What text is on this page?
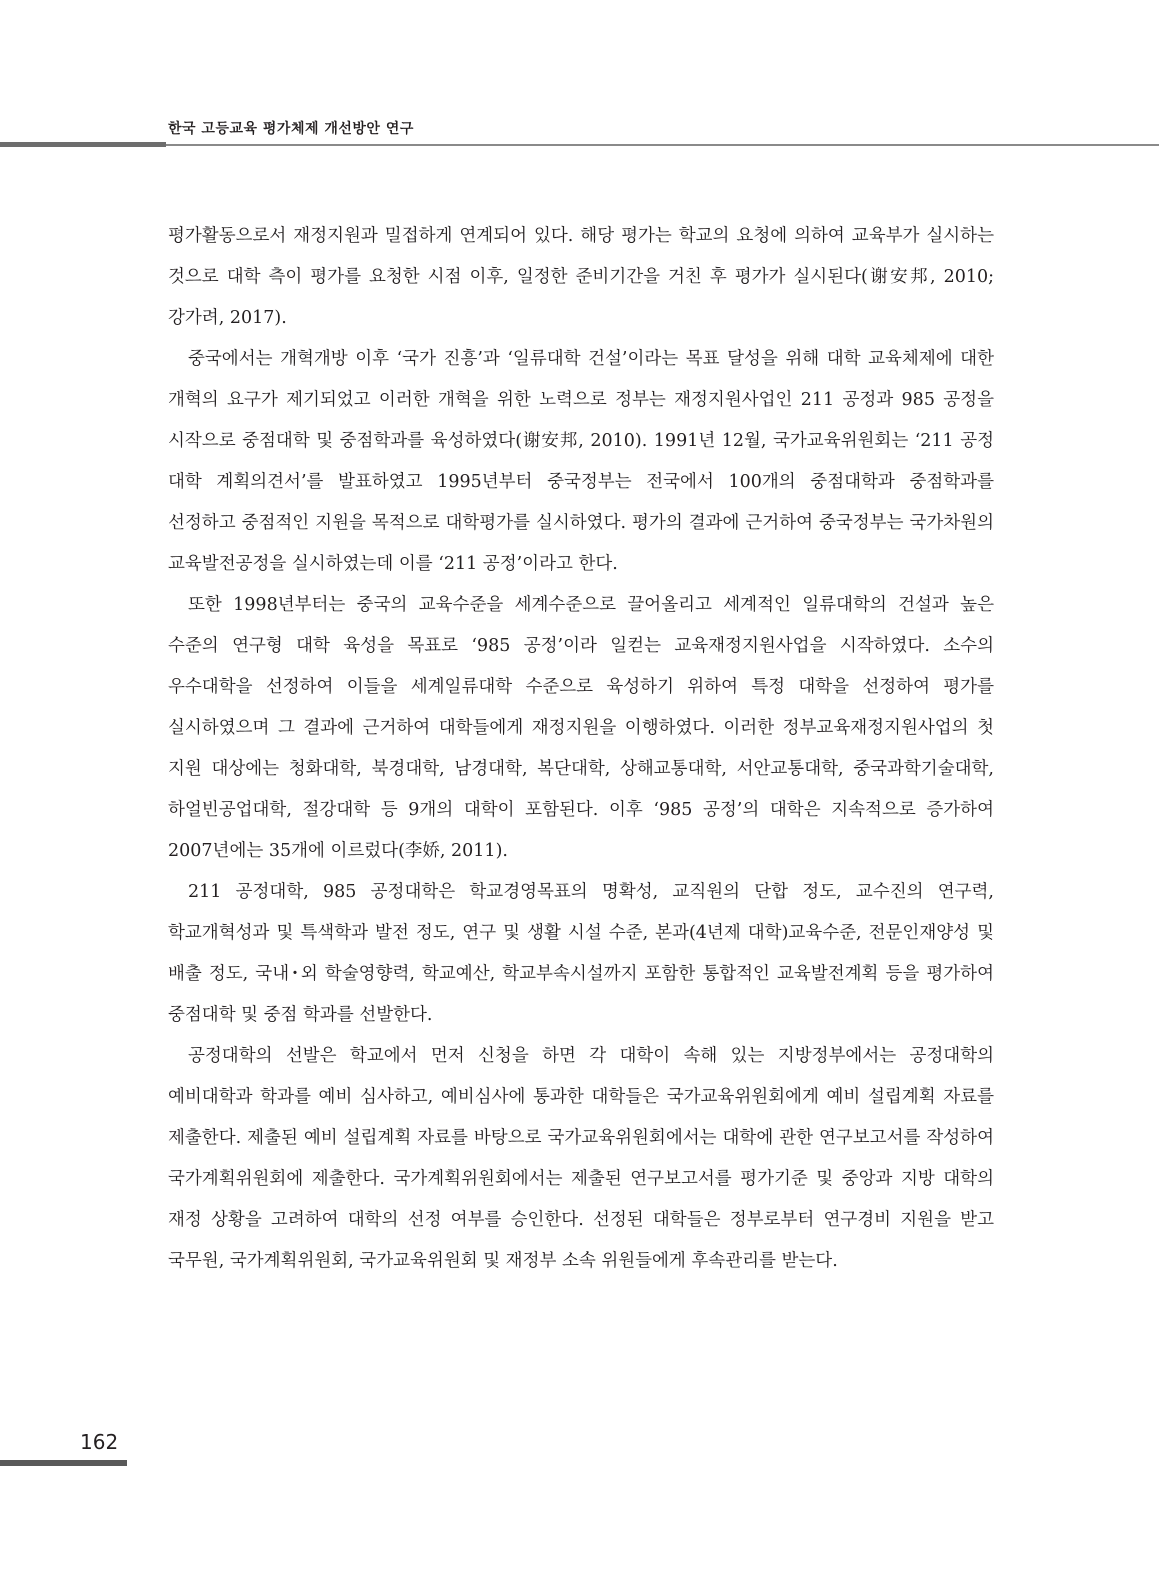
한국 고등교육 평가체제 개선방안 연구

평가활동으로서 재정지원과 밀접하게 연계되어 있다. 해당 평가는 학교의 요청에 의하여 교육부가 실시하는 것으로 대학 측이 평가를 요청한 시점 이후, 일정한 준비기간을 거친 후 평가가 실시된다(谢安邦, 2010; 강가려, 2017).

중국에서는 개혁개방 이후 ‘국가 진흥’과 ‘일류대학 건설’이라는 목표 달성을 위해 대학 교육체제에 대한 개혁의 요구가 제기되었고 이러한 개혁을 위한 노력으로 정부는 재정지원사업인 211 공정과 985 공정을 시작으로 중점대학 및 중점학과를 육성하였다(谢安邦, 2010). 1991년 12월, 국가교육위원회는 ‘211 공정 대학 계획의견서’를 발표하였고 1995년부터 중국정부는 전국에서 100개의 중점대학과 중점학과를 선정하고 중점적인 지원을 목적으로 대학평가를 실시하였다. 평가의 결과에 근거하여 중국정부는 국가차원의 교육발전공정을 실시하였는데 이를 ‘211 공정’이라고 한다.

또한 1998년부터는 중국의 교육수준을 세계수준으로 끌어올리고 세계적인 일류대학의 건설과 높은 수준의 연구형 대학 육성을 목표로 ‘985 공정’이라 일컫는 교육재정지원사업을 시작하였다. 소수의 우수대학을 선정하여 이들을 세계일류대학 수준으로 육성하기 위하여 특정 대학을 선정하여 평가를 실시하였으며 그 결과에 근거하여 대학들에게 재정지원을 이행하였다. 이러한 정부교육재정지원사업의 첫 지원 대상에는 청화대학, 북경대학, 남경대학, 복단대학, 상해교통대학, 서안교통대학, 중국과학기술대학, 하얼빈공업대학, 절강대학 등 9개의 대학이 포함된다. 이후 ‘985 공정’의 대학은 지속적으로 증가하여 2007년에는 35개에 이르렀다(李娇, 2011).

211 공정대학, 985 공정대학은 학교경영목표의 명확성, 교직원의 단합 정도, 교수진의 연구력, 학교개혁성과 및 특색학과 발전 정도, 연구 및 생활 시설 수준, 본과(4년제 대학)교육수준, 전문인재양성 및 배출 정도, 국내･외 학술영향력, 학교예산, 학교부속시설까지 포함한 통합적인 교육발전계획 등을 평가하여 중점대학 및 중점 학과를 선발한다.

공정대학의 선발은 학교에서 먼저 신청을 하면 각 대학이 속해 있는 지방정부에서는 공정대학의 예비대학과 학과를 예비 심사하고, 예비심사에 통과한 대학들은 국가교육위원회에게 예비 설립계획 자료를 제출한다. 제출된 예비 설립계획 자료를 바탕으로 국가교육위원회에서는 대학에 관한 연구보고서를 작성하여 국가계획위원회에 제출한다. 국가계획위원회에서는 제출된 연구보고서를 평가기준 및 중앙과 지방 대학의 재정 상황을 고려하여 대학의 선정 여부를 승인한다. 선정된 대학들은 정부로부터 연구경비 지원을 받고 국무원, 국가계획위원회, 국가교육위원회 및 재정부 소속 위원들에게 후속관리를 받는다.

162
